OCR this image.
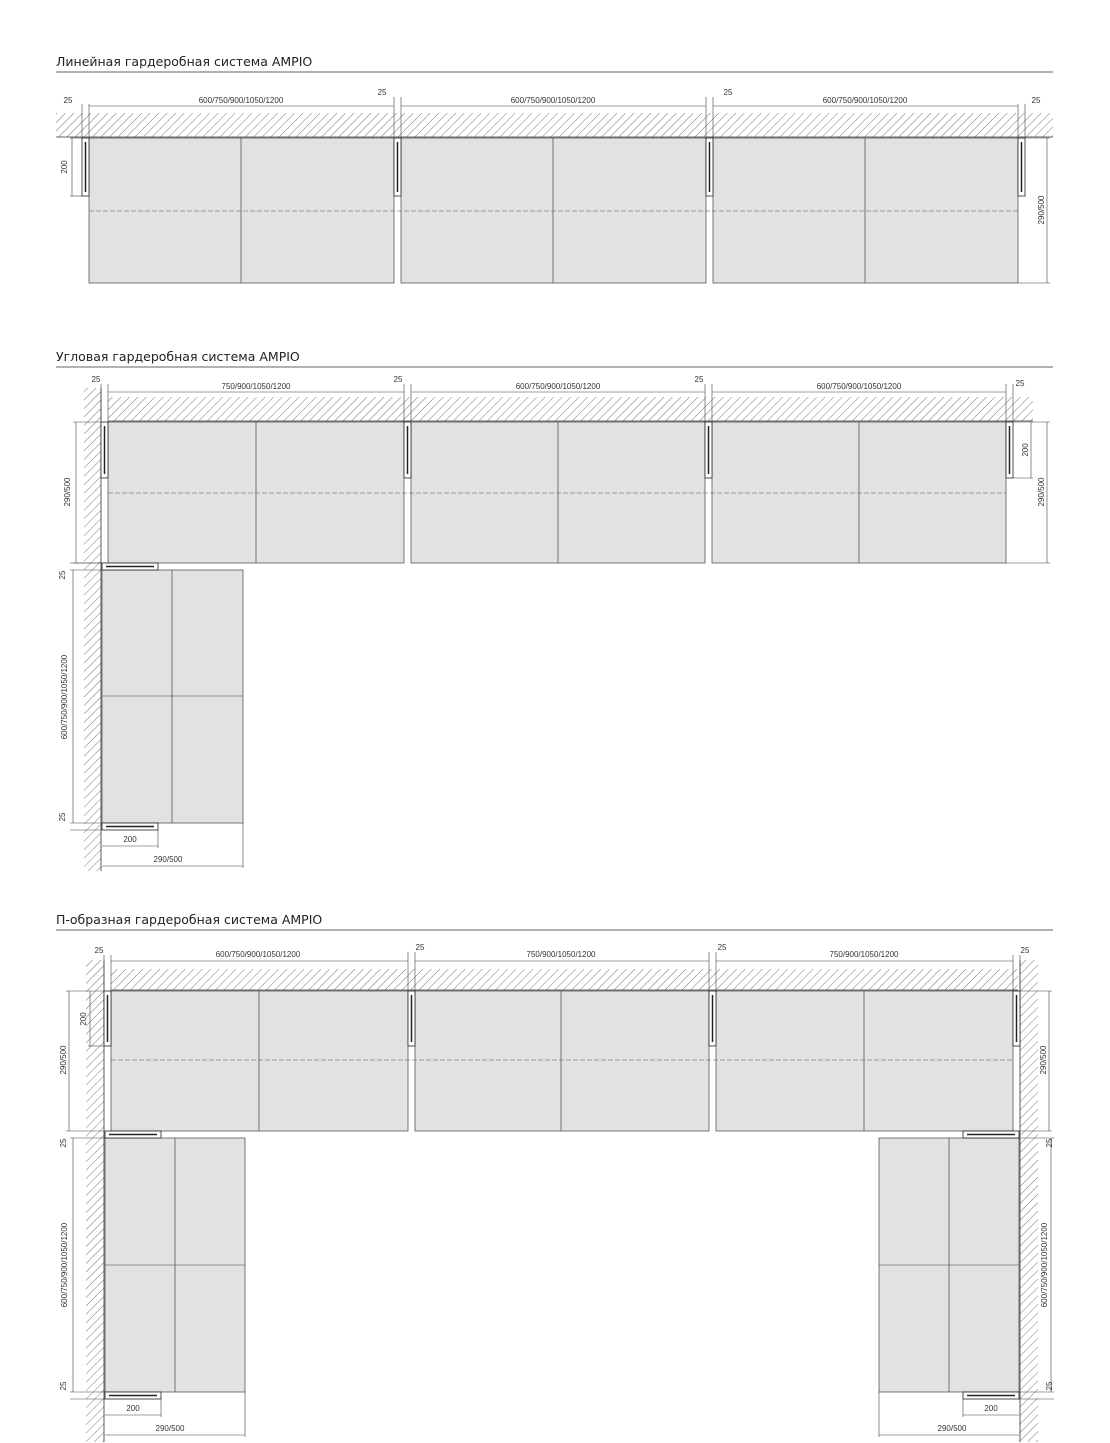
Линейная гардеробная система AMPIO
Угловая гардеробная система AMPIO
П-образная гардеробная система AMPIO
600/750/900/1050/1200	600/750/900/1050/1200	600/750/900/1050/1200
25
25	25
25
200
290/500
750/900/1050/1200	600/750/900/1050/1200	600/750/900/1050/1200
25	25	25	25
200
290/500
290/500
600/750/900/1050/1200
25
25
200
290/500
600/750/900/1050/1200	750/900/1050/1200	750/900/1050/1200
25	25	25	25
200
290/500	290/500
600/750/900/1050/1200	600/750/900/1050/1200
25
25
25
25
200
290/500
200
290/500
